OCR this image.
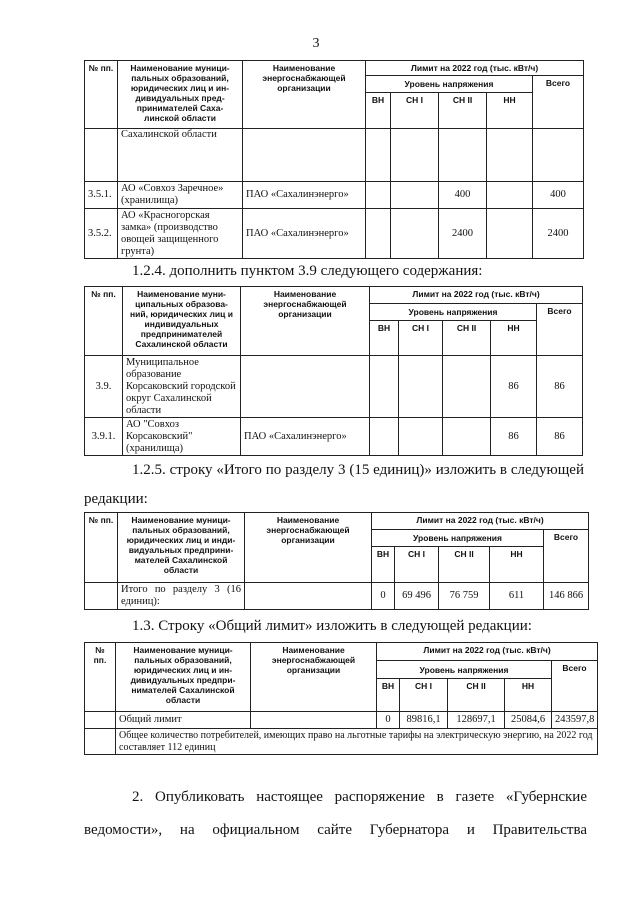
3
№ пп.	Наименование муници- пальных образований, юридических лиц и ин- дивидуальных пред- принимателей Саха- линской области	Наименование энергоснабжающей организации	Лимит на 2022 год (тыс. кВт/ч)				
			Уровень напряжения				Всего
			ВН	СН I	СН II	НН	
	Сахалинской области						
3.5.1.	АО «Совхоз Заречное» (хранилища)	ПАО «Сахалинэнерго»			400		400
3.5.2.	АО «Красногорская замка» (производство овощей защищенного грунта)	ПАО «Сахалинэнерго»			2400		2400

1.2.4. дополнить пунктом 3.9 следующего содержания:

№ пп.	Наименование муни- ципальных образова- ний, юридических лиц и индивидуальных предпринимателей Сахалинской области	Наименование энергоснабжающей организации	Лимит на 2022 год (тыс. кВт/ч)				
			Уровень напряжения				Всего
			ВН	СН I	СН II	НН	
3.9.	Муниципальное образование Корсаковский городской округ Сахалинской области					86	86
3.9.1.	АО "Совхоз Корсаковский" (хранилища)	ПАО «Сахалинэнерго»				86	86

1.2.5. строку «Итого по разделу 3 (15 единиц)» изложить в следующей

редакции:

№ пп.	Наименование муници- пальных образований, юридических лиц и инди- видуальных предприни- мателей Сахалинской области	Наименование энергоснабжающей организации	Лимит на 2022 год (тыс. кВт/ч)				
			Уровень напряжения				Всего
			ВН	СН I	СН II	НН	
	Итого по разделу 3 (16 единиц):		0	69 496	76 759	611	146 866

1.3. Строку «Общий лимит» изложить в следующей редакции:

№ пп.	Наименование муници- пальных образований, юридических лиц и ин- дивидуальных предпри- нимателей Сахалинской области	Наименование энергоснабжающей организации	Лимит на 2022 год (тыс. кВт/ч)				
			Уровень напряжения				Всего
			ВН	СН I	СН II	НН	
	Общий лимит		0	89816,1	128697,1	25084,6	243597,8
	Общее количество потребителей, имеющих право на льготные тарифы на электрическую энергию, на 2022 год составляет 112 единиц						

2. Опубликовать настоящее распоряжение в газете «Губернские

ведомости», на официальном сайте Губернатора и Правительства
